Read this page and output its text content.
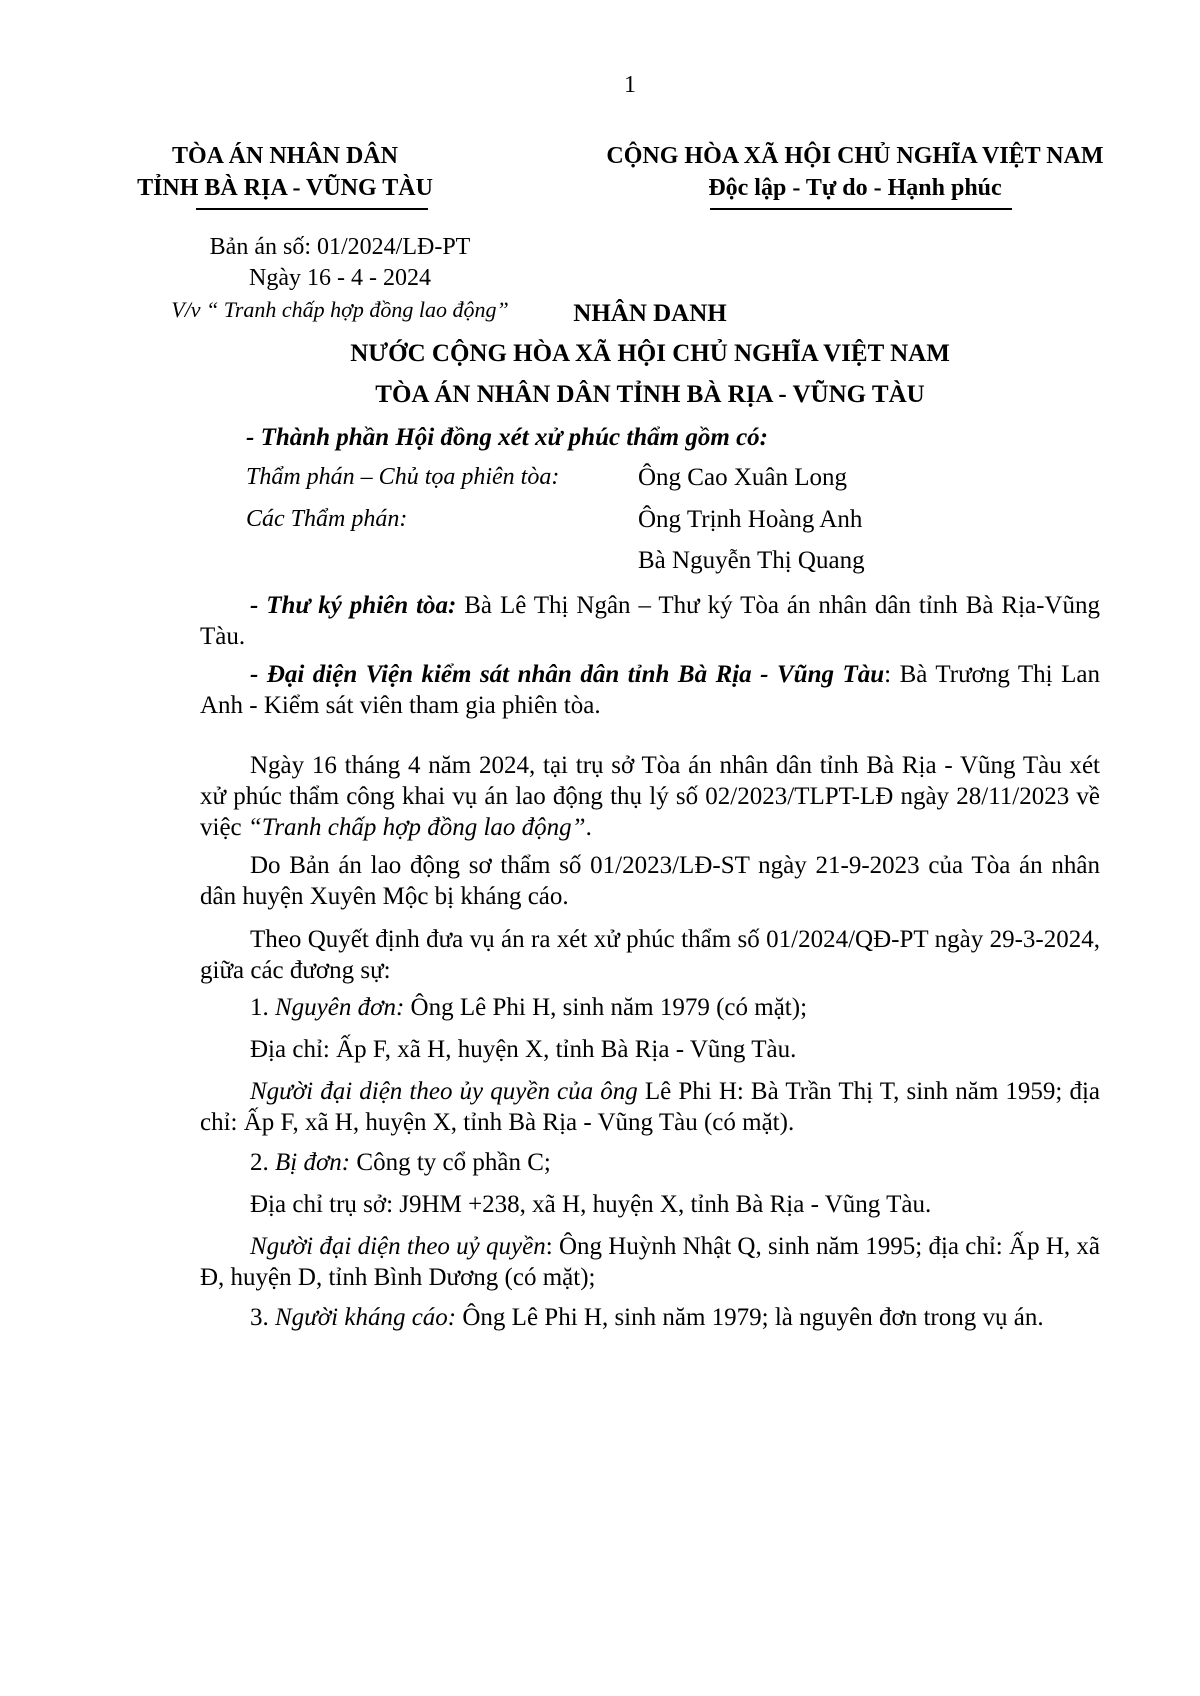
1
TÒA ÁN NHÂN DÂN
TỈNH BÀ RỊA - VŨNG TÀU
CỘNG HÒA XÃ HỘI CHỦ NGHĨA VIỆT NAM
Độc lập - Tự do - Hạnh phúc
Bản án số: 01/2024/LĐ-PT
Ngày 16 - 4 - 2024
V/v “ Tranh chấp hợp đồng lao động”	NHÂN DANH
NƯỚC CỘNG HÒA XÃ HỘI CHỦ NGHĨA VIỆT NAM
TÒA ÁN NHÂN DÂN TỈNH BÀ RỊA - VŨNG TÀU
- Thành phần Hội đồng xét xử phúc thẩm gồm có:
Thẩm phán – Chủ tọa phiên tòa:	Ông Cao Xuân Long
Các Thẩm phán:	Ông Trịnh Hoàng Anh
Bà Nguyễn Thị Quang
- Thư ký phiên tòa: Bà Lê Thị Ngân – Thư ký Tòa án nhân dân tỉnh Bà Rịa-Vũng Tàu.
- Đại diện Viện kiểm sát nhân dân tỉnh Bà Rịa - Vũng Tàu: Bà Trương Thị Lan Anh - Kiểm sát viên tham gia phiên tòa.
Ngày 16 tháng 4 năm 2024, tại trụ sở Tòa án nhân dân tỉnh Bà Rịa - Vũng Tàu xét xử phúc thẩm công khai vụ án lao động thụ lý số 02/2023/TLPT-LĐ ngày 28/11/2023 về việc “Tranh chấp hợp đồng lao động”.
Do Bản án lao động sơ thẩm số 01/2023/LĐ-ST ngày 21-9-2023 của Tòa án nhân dân huyện Xuyên Mộc bị kháng cáo.
Theo Quyết định đưa vụ án ra xét xử phúc thẩm số 01/2024/QĐ-PT ngày 29-3-2024, giữa các đương sự:
1. Nguyên đơn: Ông Lê Phi H, sinh năm 1979 (có mặt);
Địa chỉ: Ấp F, xã H, huyện X, tỉnh Bà Rịa - Vũng Tàu.
Người đại diện theo ủy quyền của ông Lê Phi H: Bà Trần Thị T, sinh năm 1959; địa chỉ: Ấp F, xã H, huyện X, tỉnh Bà Rịa - Vũng Tàu (có mặt).
2. Bị đơn: Công ty cổ phần C;
Địa chỉ trụ sở: J9HM +238, xã H, huyện X, tỉnh Bà Rịa - Vũng Tàu.
Người đại diện theo uỷ quyền: Ông Huỳnh Nhật Q, sinh năm 1995; địa chỉ: Ấp H, xã Đ, huyện D, tỉnh Bình Dương (có mặt);
3. Người kháng cáo: Ông Lê Phi H, sinh năm 1979; là nguyên đơn trong vụ án.
